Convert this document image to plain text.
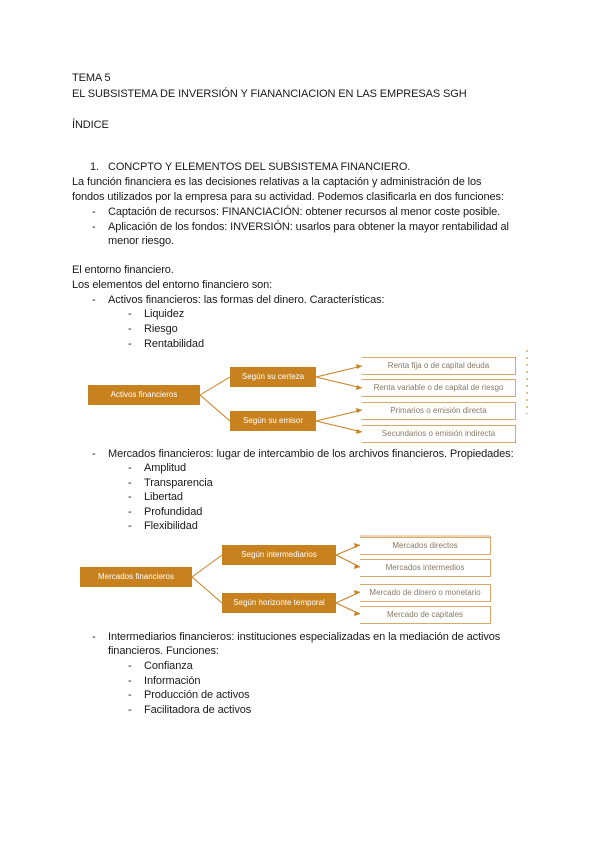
TEMA 5
EL SUBSISTEMA DE INVERSIÓN Y FIANANCIACION EN LAS EMPRESAS SGH
ÍNDICE
1. CONCPTO Y ELEMENTOS DEL SUBSISTEMA FINANCIERO.
La función financiera es las decisiones relativas a la captación y administración de los
fondos utilizados por la empresa para su actividad. Podemos clasificarla en dos funciones:
- Captación de recursos: FINANCIACIÓN: obtener recursos al menor coste posible.
- Aplicación de los fondos: INVERSIÓN: usarlos para obtener la mayor rentabilidad al
menor riesgo.
El entorno financiero.
Los elementos del entorno financiero son:
- Activos financieros: las formas del dinero. Características:
- Liquidez
- Riesgo
- Rentabilidad
Activos financieros
Según su certeza
Según su emisor
Renta fija o de capital deuda
Renta variable o de capital de riesgo
Primarios o emisión directa
Secundarios o emisión indirecta
- Mercados financieros: lugar de intercambio de los archivos financieros. Propiedades:
- Amplitud
- Transparencia
- Libertad
- Profundidad
- Flexibilidad
Mercados financieros
Según intermediarios
Según horizonte temporal
Mercados directos
Mercados intermedios
Mercado de dinero o monetario
Mercado de capitales
- Intermediarios financieros: instituciones especializadas en la mediación de activos
financieros. Funciones:
- Confianza
- Información
- Producción de activos
- Facilitadora de activos
